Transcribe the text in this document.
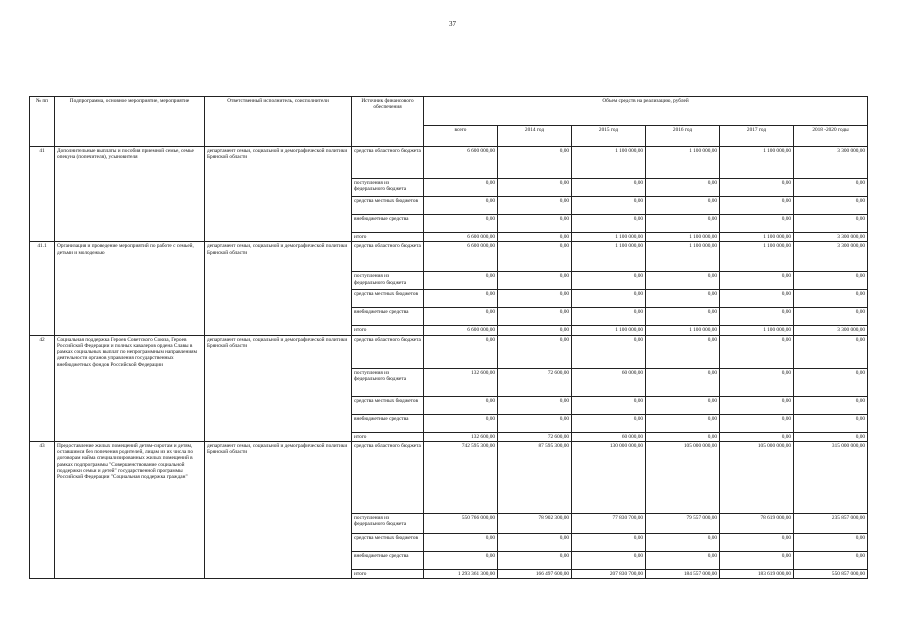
37
№ пп	Подпрограмма, основное мероприятие, мероприятие	Ответственный исполнитель, соисполнители	Источник финансового обеспечения	Объем средств на реализацию, рублей					
				всего	2014 год	2015 год	2016 год	2017 год	2018 -2020 годы
41	Дополнительные выплаты и пособия приемной семье, семье опекуна (попечителя), усыновителя	департамент семьи, социальной и демографической политики Брянской области	средства областного бюджета	6 600 000,00	0,00	1 100 000,00	1 100 000,00	1 100 000,00	3 300 000,00
			поступления из федерального бюджета	0,00	0,00	0,00	0,00	0,00	0,00
			средства местных бюджетов	0,00	0,00	0,00	0,00	0,00	0,00
			внебюджетные средства	0,00	0,00	0,00	0,00	0,00	0,00
			итого	6 600 000,00	0,00	1 100 000,00	1 100 000,00	1 100 000,00	3 300 000,00
41.1	Организация и проведение мероприятий по работе с семьей, детьми и молодежью	департамент семьи, социальной и демографической политики Брянской области	средства областного бюджета	6 600 000,00	0,00	1 100 000,00	1 100 000,00	1 100 000,00	3 300 000,00
			поступления из федерального бюджета	0,00	0,00	0,00	0,00	0,00	0,00
			средства местных бюджетов	0,00	0,00	0,00	0,00	0,00	0,00
			внебюджетные средства	0,00	0,00	0,00	0,00	0,00	0,00
			итого	6 600 000,00	0,00	1 100 000,00	1 100 000,00	1 100 000,00	3 300 000,00
42	Социальная поддержка Героев Советского Союза, Героев Российской Федерации и полных кавалеров ордена Славы в рамках социальных выплат по непрограммным направлениям деятельности органов управления государственных внебюджетных фондов Российской Федерации	департамент семьи, социальной и демографической политики Брянской области	средства областного бюджета	0,00	0,00	0,00	0,00	0,00	0,00
			поступления из федерального бюджета	132 600,00	72 600,00	60 000,00	0,00	0,00	0,00
			средства местных бюджетов	0,00	0,00	0,00	0,00	0,00	0,00
			внебюджетные средства	0,00	0,00	0,00	0,00	0,00	0,00
			итого	132 600,00	72 600,00	60 000,00	0,00	0,00	0,00
43	Предоставление жилых помещений детям-сиротам и детям, оставшимся без попечения родителей, лицам из их числа по договорам найма специализированных жилых помещений в рамках подпрограммы "Совершенствование социальной поддержки семьи и детей" государственной программы Российской Федерации "Социальная поддержка граждан"	департамент семьи, социальной и демографической политики Брянской области	средства областного бюджета	742 595 300,00	87 595 300,00	130 000 000,00	105 000 000,00	105 000 000,00	315 000 000,00
			поступления из федерального бюджета	550 766 000,00	78 902 300,00	77 830 700,00	79 557 000,00	78 619 000,00	235 857 000,00
			средства местных бюджетов	0,00	0,00	0,00	0,00	0,00	0,00
			внебюджетные средства	0,00	0,00	0,00	0,00	0,00	0,00
			итого	1 293 361 300,00	166 497 600,00	207 830 700,00	184 557 000,00	183 619 000,00	550 857 000,00
